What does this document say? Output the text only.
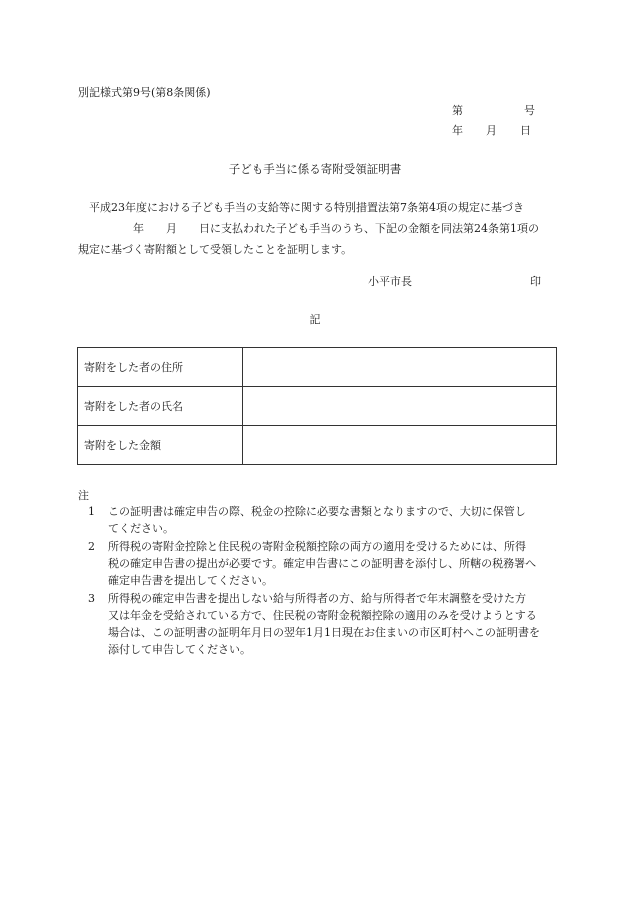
別記様式第9号(第8条関係)
第	号
年 月 日
子ども手当に係る寄附受領証明書

　平成23年度における子ども手当の支給等に関する特別措置法第7条第4項の規定に基づき

　　　　　年　　月　　日に支払われた子ども手当のうち、下記の金額を同法第24条第1項の

規定に基づく寄附額として受領したことを証明します。

小平市長	印
記
寄附をした者の住所	
寄附をした者の氏名	
寄附をした金額	
注
1 この証明書は確定申告の際、税金の控除に必要な書類となりますので、大切に保管し
てください。
2 所得税の寄附金控除と住民税の寄附金税額控除の両方の適用を受けるためには、所得
税の確定申告書の提出が必要です。確定申告書にこの証明書を添付し、所轄の税務署へ
確定申告書を提出してください。
3 所得税の確定申告書を提出しない給与所得者の方、給与所得者で年末調整を受けた方
又は年金を受給されている方で、住民税の寄附金税額控除の適用のみを受けようとする
場合は、この証明書の証明年月日の翌年1月1日現在お住まいの市区町村へこの証明書を
添付して申告してください。
